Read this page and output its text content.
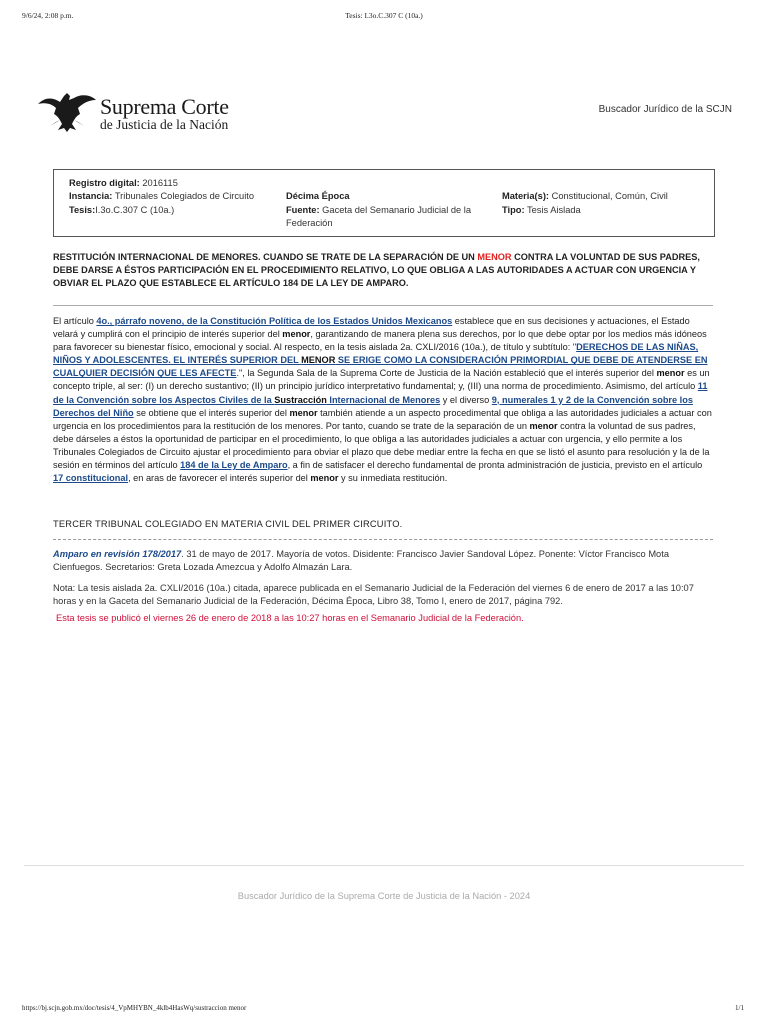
9/6/24, 2:08 p.m.	Tesis: I.3o.C.307 C (10a.)
Suprema Corte
de Justicia de la Nación
Buscador Jurídico de la SCJN
Registro digital: 2016115
Instancia: Tribunales Colegiados de Circuito
Tesis:I.3o.C.307 C (10a.)
Décima Época
Fuente: Gaceta del Semanario Judicial de la
Federación
Materia(s): Constitucional, Común, Civil
Tipo: Tesis Aislada
RESTITUCIÓN INTERNACIONAL DE MENORES. CUANDO SE TRATE DE LA SEPARACIÓN DE UN MENOR CONTRA LA VOLUNTAD DE SUS PADRES, DEBE DARSE A ÉSTOS PARTICIPACIÓN EN EL PROCEDIMIENTO RELATIVO, LO QUE OBLIGA A LAS AUTORIDADES A ACTUAR CON URGENCIA Y OBVIAR EL PLAZO QUE ESTABLECE EL ARTÍCULO 184 DE LA LEY DE AMPARO.
El artículo 4o., párrafo noveno, de la Constitución Política de los Estados Unidos Mexicanos establece que en sus decisiones y actuaciones, el Estado velará y cumplirá con el principio de interés superior del menor, garantizando de manera plena sus derechos, por lo que debe optar por los medios más idóneos para favorecer su bienestar físico, emocional y social. Al respecto, en la tesis aislada 2a. CXLI/2016 (10a.), de título y subtítulo: "DERECHOS DE LAS NIÑAS, NIÑOS Y ADOLESCENTES. EL INTERÉS SUPERIOR DEL MENOR SE ERIGE COMO LA CONSIDERACIÓN PRIMORDIAL QUE DEBE DE ATENDERSE EN CUALQUIER DECISIÓN QUE LES AFECTE.", la Segunda Sala de la Suprema Corte de Justicia de la Nación estableció que el interés superior del menor es un concepto triple, al ser: (I) un derecho sustantivo; (II) un principio jurídico interpretativo fundamental; y, (III) una norma de procedimiento. Asimismo, del artículo 11 de la Convención sobre los Aspectos Civiles de la Sustracción Internacional de Menores y el diverso 9, numerales 1 y 2 de la Convención sobre los Derechos del Niño se obtiene que el interés superior del menor también atiende a un aspecto procedimental que obliga a las autoridades judiciales a actuar con urgencia en los procedimientos para la restitución de los menores. Por tanto, cuando se trate de la separación de un menor contra la voluntad de sus padres, debe dárseles a éstos la oportunidad de participar en el procedimiento, lo que obliga a las autoridades judiciales a actuar con urgencia, y ello permite a los Tribunales Colegiados de Circuito ajustar el procedimiento para obviar el plazo que debe mediar entre la fecha en que se listó el asunto para resolución y la de la sesión en términos del artículo 184 de la Ley de Amparo, a fin de satisfacer el derecho fundamental de pronta administración de justicia, previsto en el artículo 17 constitucional, en aras de favorecer el interés superior del menor y su inmediata restitución.
TERCER TRIBUNAL COLEGIADO EN MATERIA CIVIL DEL PRIMER CIRCUITO.
Amparo en revisión 178/2017. 31 de mayo de 2017. Mayoría de votos. Disidente: Francisco Javier Sandoval López. Ponente: Víctor Francisco Mota Cienfuegos. Secretarios: Greta Lozada Amezcua y Adolfo Almazán Lara.
Nota: La tesis aislada 2a. CXLI/2016 (10a.) citada, aparece publicada en el Semanario Judicial de la Federación del viernes 6 de enero de 2017 a las 10:07 horas y en la Gaceta del Semanario Judicial de la Federación, Décima Época, Libro 38, Tomo I, enero de 2017, página 792.
Esta tesis se publicó el viernes 26 de enero de 2018 a las 10:27 horas en el Semanario Judicial de la Federación.
Buscador Jurídico de la Suprema Corte de Justicia de la Nación - 2024
https://bj.scjn.gob.mx/doc/tesis/4_VpMHYBN_4klb4HasWq/sustraccion menor	1/1
